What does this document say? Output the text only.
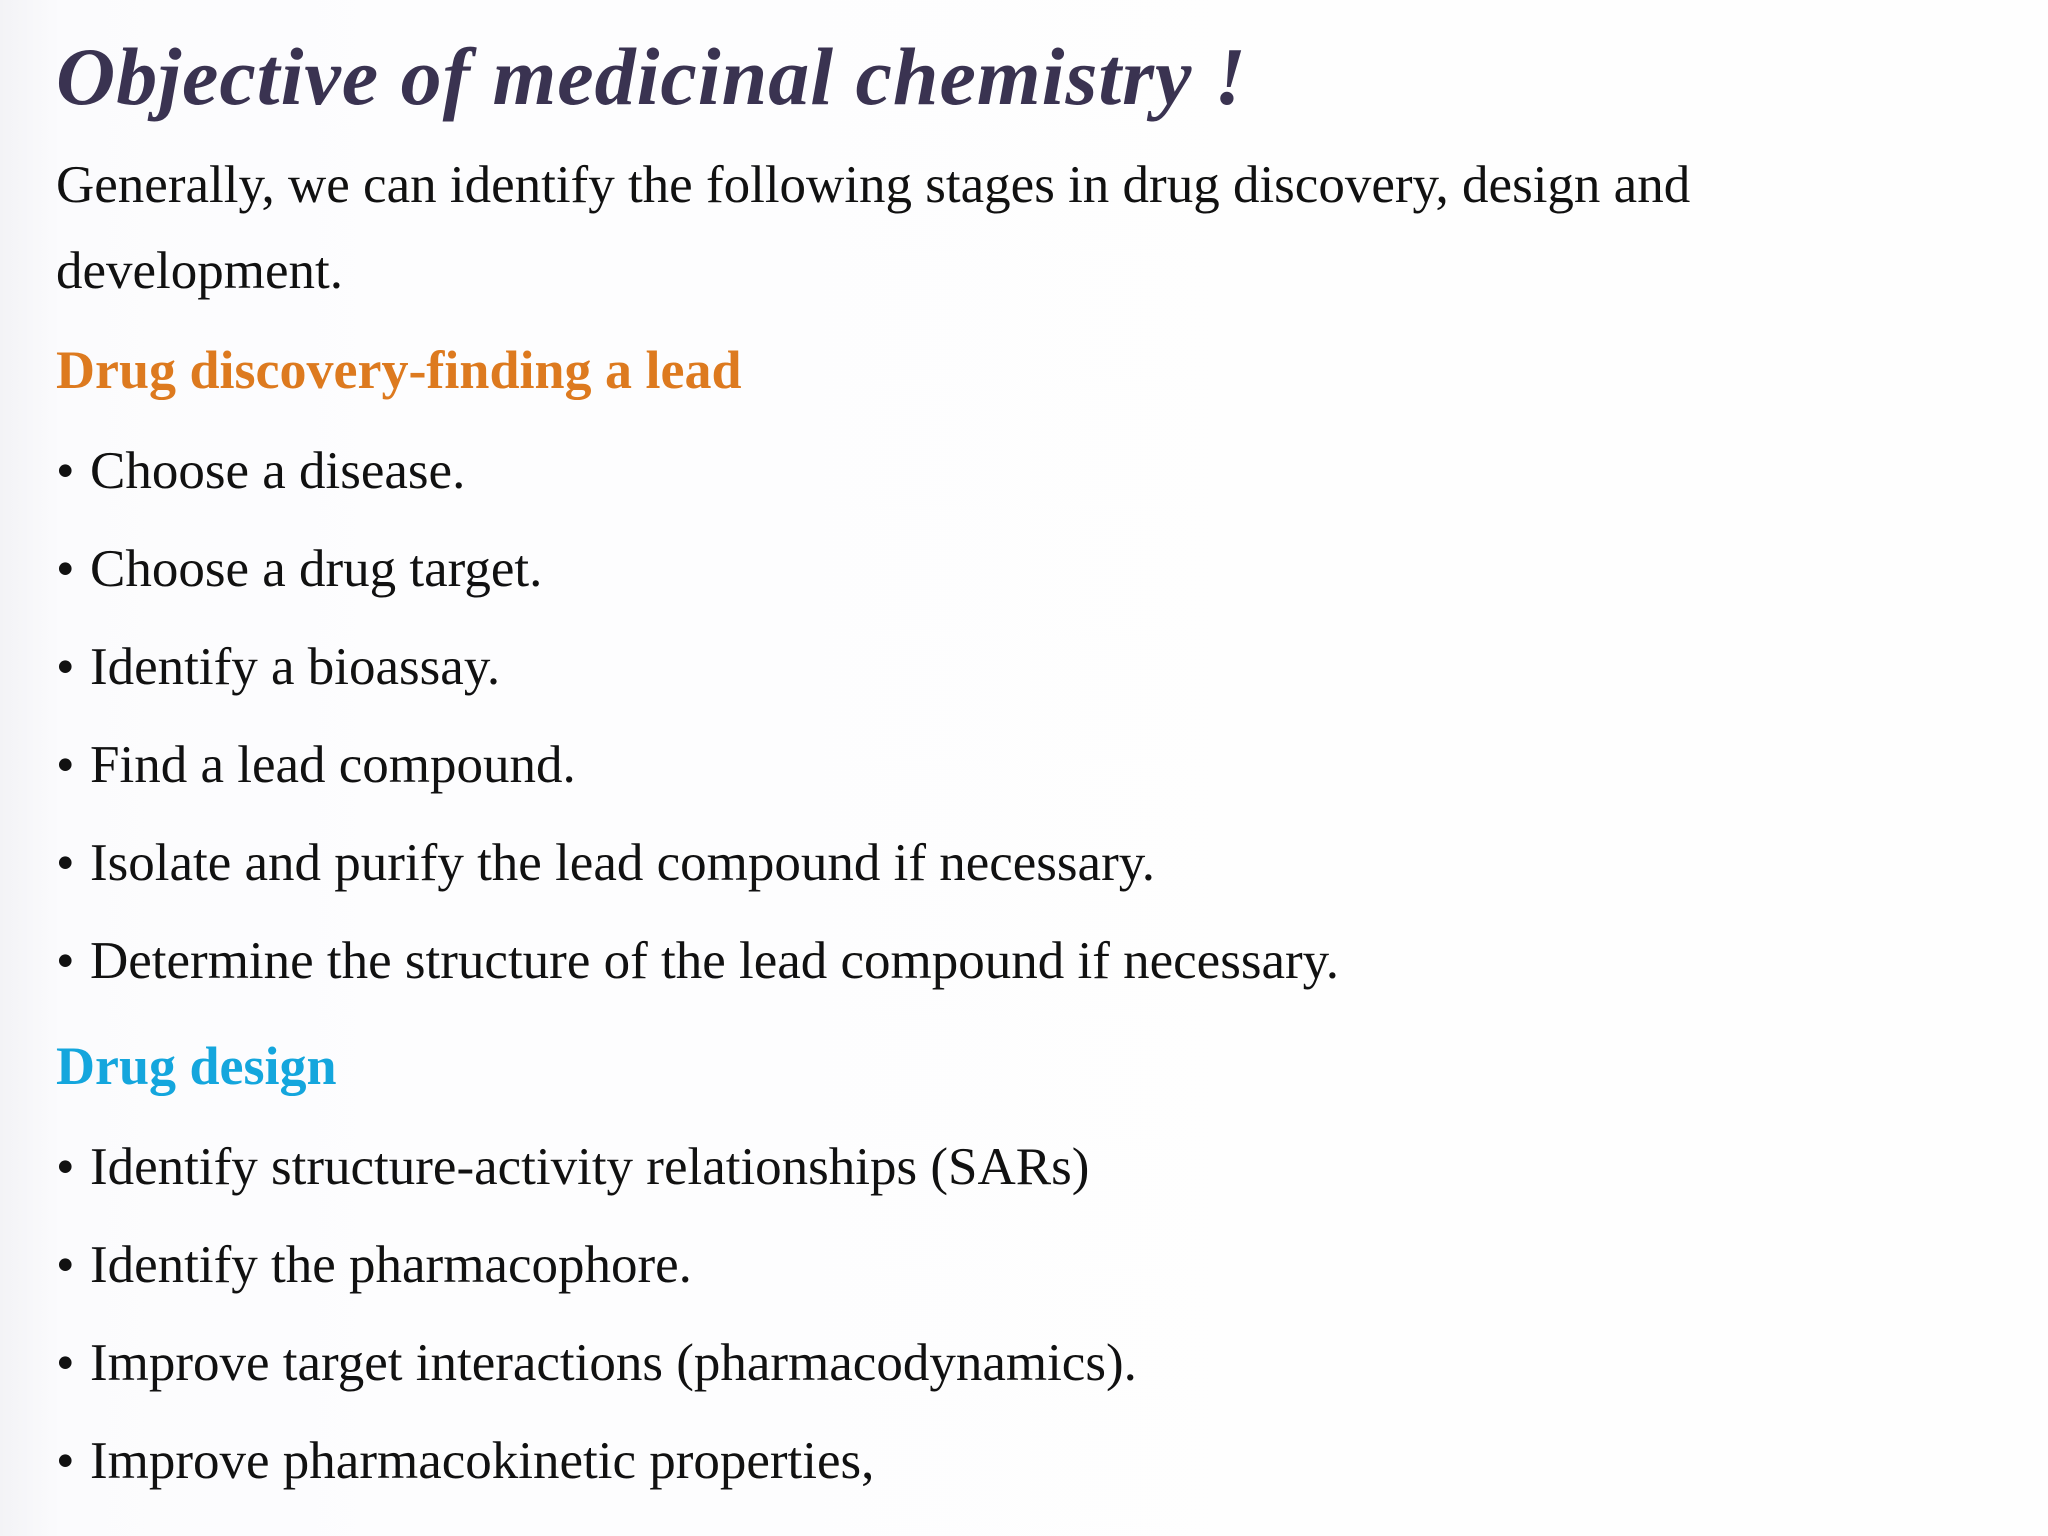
Objective of medicinal chemistry !

Generally, we can identify the following stages in drug discovery, design and development.

Drug discovery-finding a lead
• Choose a disease.
• Choose a drug target.
• Identify a bioassay.
• Find a lead compound.
• Isolate and purify the lead compound if necessary.
• Determine the structure of the lead compound if necessary.
Drug design
• Identify structure-activity relationships (SARs)
• Identify the pharmacophore.
• Improve target interactions (pharmacodynamics).
• Improve pharmacokinetic properties,
